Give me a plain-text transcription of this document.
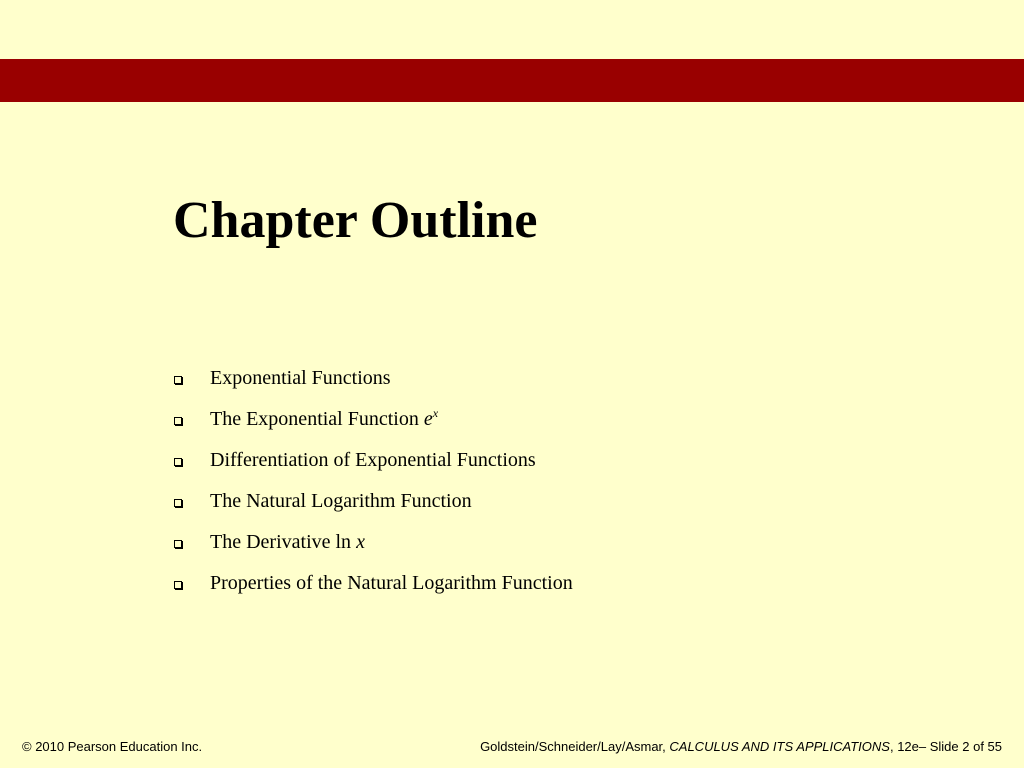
Chapter Outline
Exponential Functions
The Exponential Function $e^x$
Differentiation of Exponential Functions
The Natural Logarithm Function
The Derivative ln x
Properties of the Natural Logarithm Function
© 2010 Pearson Education Inc.	Goldstein/Schneider/Lay/Asmar, CALCULUS AND ITS APPLICATIONS, 12e– Slide 2 of 55
